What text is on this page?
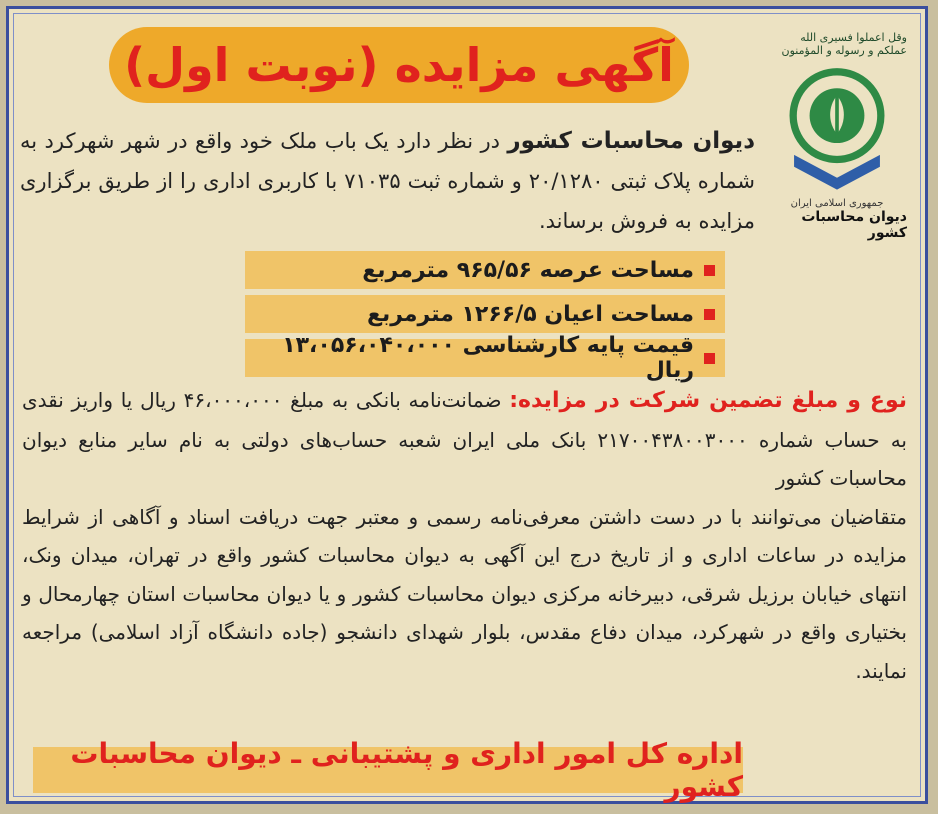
آگهی مزایده (نوبت اول)
وقل اعملوا فسیری الله عملکم و رسوله و المؤمنون
جمهوری اسلامی ایران
دیوان محاسبات کشور
دیوان محاسبات کشور در نظر دارد یک باب ملک خود واقع در شهر شهرکرد به شماره پلاک ثبتی ۲۰/۱۲۸۰ و شماره ثبت ۷۱۰۳۵ با کاربری اداری را از طریق برگزاری مزایده به فروش برساند.
مساحت عرصه ۹۶۵/۵۶ مترمربع
مساحت اعیان ۱۲۶۶/۵ مترمربع
قیمت پایه کارشناسی ۱۳،۰۵۶،۰۴۰،۰۰۰ ریال

نوع و مبلغ تضمین شرکت در مزایده: ضمانت‌نامه بانکی به مبلغ ۴۶،۰۰۰،۰۰۰ ریال یا واریز نقدی به حساب شماره ۲۱۷۰۰۴۳۸۰۰۳۰۰۰ بانک ملی ایران شعبه حساب‌های دولتی به نام سایر منابع دیوان محاسبات کشور

متقاضیان می‌توانند با در دست داشتن معرفی‌نامه رسمی و معتبر جهت دریافت اسناد و آگاهی از شرایط مزایده در ساعات اداری و از تاریخ درج این آگهی به دیوان محاسبات کشور واقع در تهران، میدان ونک، انتهای خیابان برزیل شرقی، دبیرخانه مرکزی دیوان محاسبات کشور و یا دیوان محاسبات استان چهارمحال و بختیاری واقع در شهرکرد، میدان دفاع مقدس، بلوار شهدای دانشجو (جاده دانشگاه آزاد اسلامی) مراجعه نمایند.

اداره کل امور اداری و پشتیبانی ـ دیوان محاسبات کشور
